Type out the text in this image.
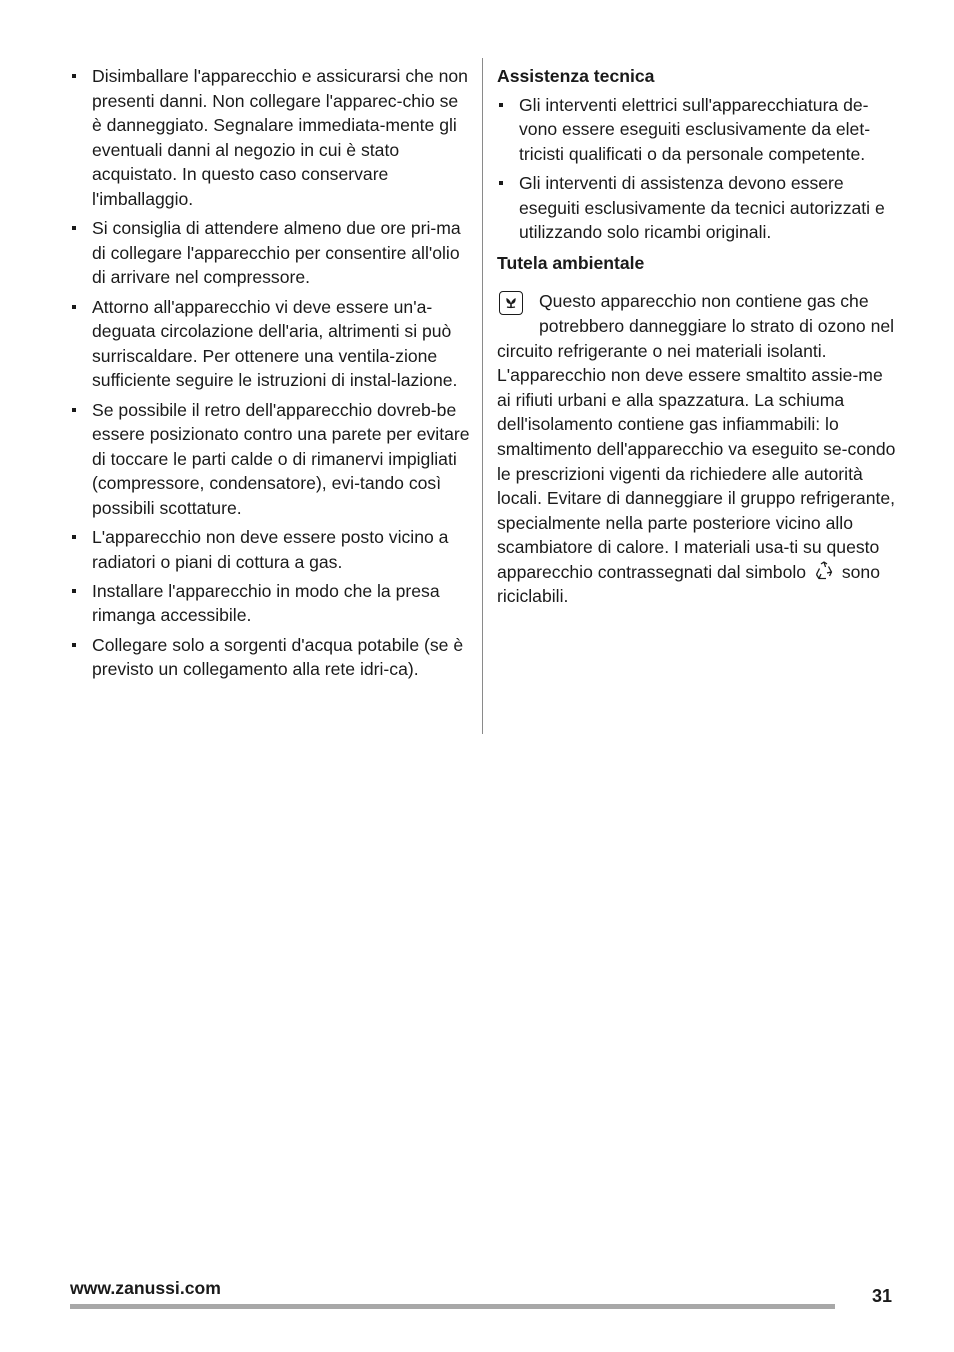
Disimballare l'apparecchio e assicurarsi che non presenti danni. Non collegare l'apparec-chio se è danneggiato. Segnalare immediata-mente gli eventuali danni al negozio in cui è stato acquistato. In questo caso conservare l'imballaggio.
Si consiglia di attendere almeno due ore pri-ma di collegare l'apparecchio per consentire all'olio di arrivare nel compressore.
Attorno all'apparecchio vi deve essere un'a-deguata circolazione dell'aria, altrimenti si può surriscaldare. Per ottenere una ventila-zione sufficiente seguire le istruzioni di instal-lazione.
Se possibile il retro dell'apparecchio dovreb-be essere posizionato contro una parete per evitare di toccare le parti calde o di rimanervi impigliati (compressore, condensatore), evi-tando così possibili scottature.
L'apparecchio non deve essere posto vicino a radiatori o piani di cottura a gas.
Installare l'apparecchio in modo che la presa rimanga accessibile.
Collegare solo a sorgenti d'acqua potabile (se è previsto un collegamento alla rete idri-ca).
Assistenza tecnica
Gli interventi elettrici sull'apparecchiatura de-vono essere eseguiti esclusivamente da elet-tricisti qualificati o da personale competente.
Gli interventi di assistenza devono essere eseguiti esclusivamente da tecnici autorizzati e utilizzando solo ricambi originali.
Tutela ambientale
Questo apparecchio non contiene gas che potrebbero danneggiare lo strato di ozono nel circuito refrigerante o nei materiali isolanti. L'apparecchio non deve essere smaltito assie-me ai rifiuti urbani e alla spazzatura. La schiuma dell'isolamento contiene gas infiammabili: lo smaltimento dell'apparecchio va eseguito se-condo le prescrizioni vigenti da richiedere alle autorità locali. Evitare di danneggiare il gruppo refrigerante, specialmente nella parte posteriore vicino allo scambiatore di calore. I materiali usa-ti su questo apparecchio contrassegnati dal simbolo sono riciclabili.
www.zanussi.com	31
